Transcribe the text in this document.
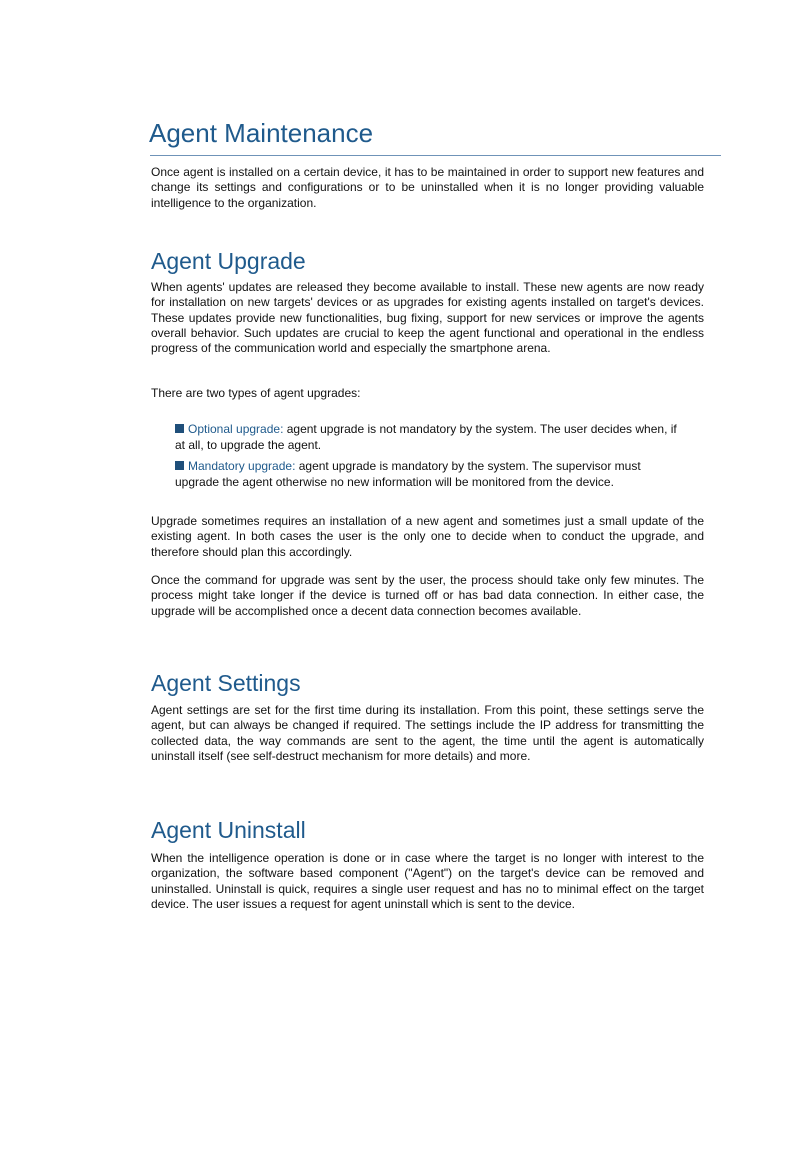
Agent Maintenance

Once agent is installed on a certain device, it has to be maintained in order to support new features and change its settings and configurations or to be uninstalled when it is no longer providing valuable intelligence to the organization.

Agent Upgrade

When agents' updates are released they become available to install. These new agents are now ready for installation on new targets' devices or as upgrades for existing agents installed on target's devices. These updates provide new functionalities, bug fixing, support for new services or improve the agents overall behavior. Such updates are crucial to keep the agent functional and operational in the endless progress of the communication world and especially the smartphone arena.

There are two types of agent upgrades:

Optional upgrade: agent upgrade is not mandatory by the system. The user decides when, if at all, to upgrade the agent.

Mandatory upgrade: agent upgrade is mandatory by the system. The supervisor must upgrade the agent otherwise no new information will be monitored from the device.

Upgrade sometimes requires an installation of a new agent and sometimes just a small update of the existing agent. In both cases the user is the only one to decide when to conduct the upgrade, and therefore should plan this accordingly.

Once the command for upgrade was sent by the user, the process should take only few minutes. The process might take longer if the device is turned off or has bad data connection. In either case, the upgrade will be accomplished once a decent data connection becomes available.

Agent Settings

Agent settings are set for the first time during its installation. From this point, these settings serve the agent, but can always be changed if required. The settings include the IP address for transmitting the collected data, the way commands are sent to the agent, the time until the agent is automatically uninstall itself (see self-destruct mechanism for more details) and more.

Agent Uninstall

When the intelligence operation is done or in case where the target is no longer with interest to the organization, the software based component ("Agent") on the target's device can be removed and uninstalled. Uninstall is quick, requires a single user request and has no to minimal effect on the target device. The user issues a request for agent uninstall which is sent to the device.
